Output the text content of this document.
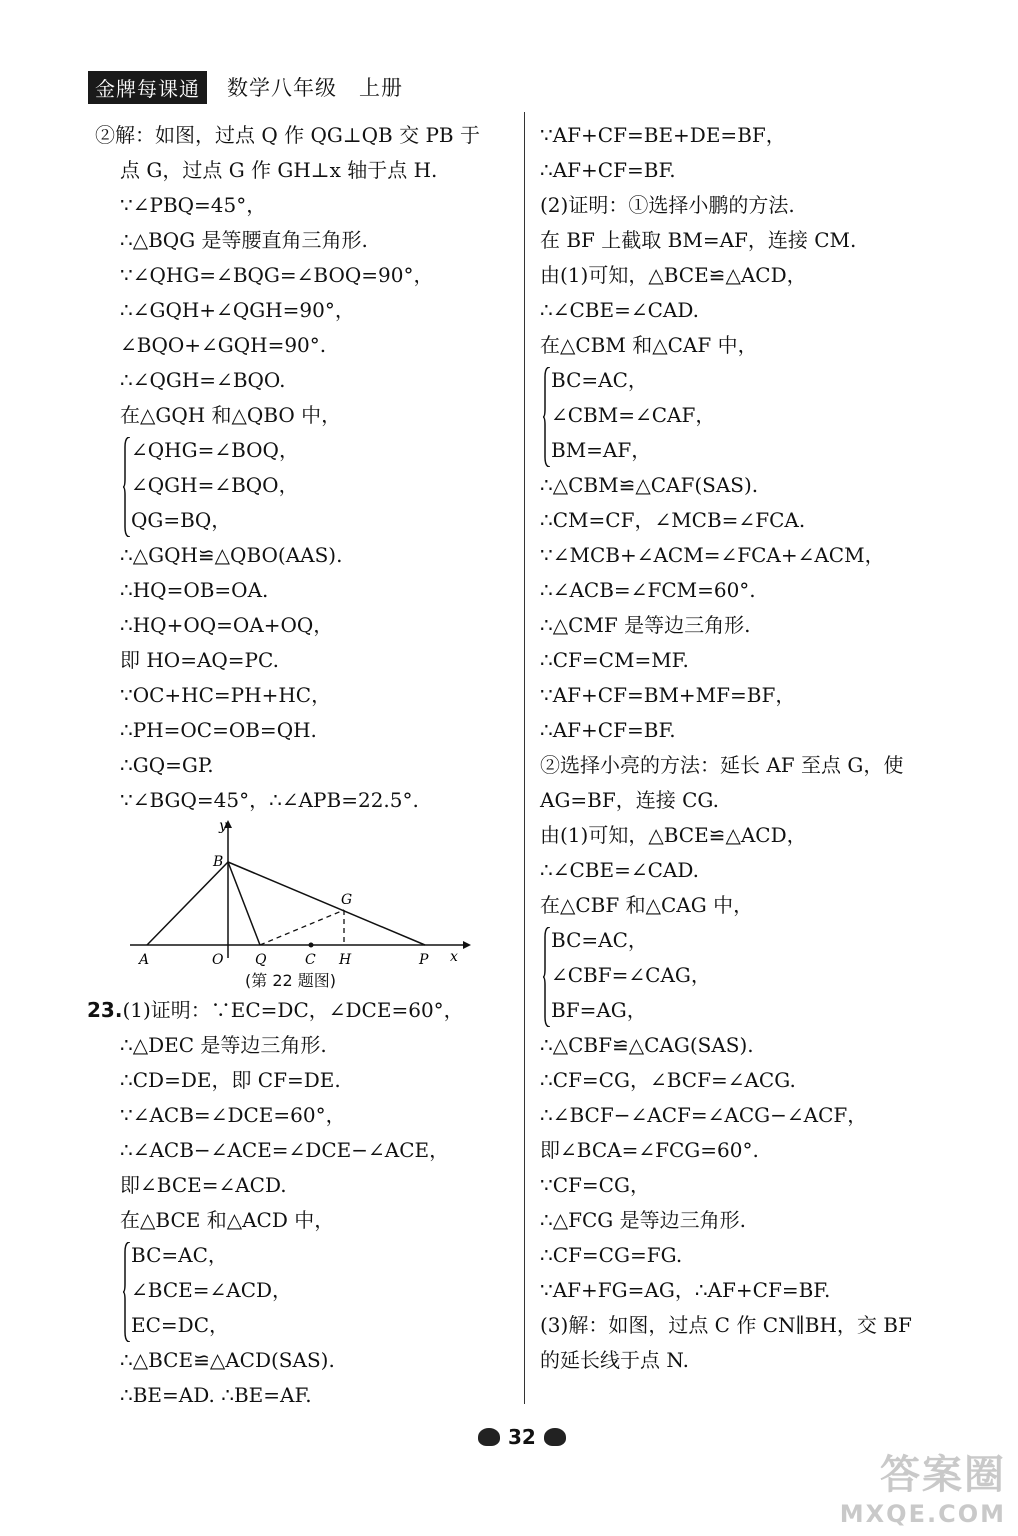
金牌每课通	数学八年级　上册
②解：如图，过点 Q 作 QG⊥QB 交 PB 于
点 G，过点 G 作 GH⊥x 轴于点 H.
∵∠PBQ=45°，
∴△BQG 是等腰直角三角形.
∵∠QHG=∠BQG=∠BOQ=90°，
∴∠GQH+∠QGH=90°，
∠BQO+∠GQH=90°.
∴∠QGH=∠BQO.
在△GQH 和△QBO 中，
∠QHG=∠BOQ，
∠QGH=∠BQO，
QG=BQ，
∴△GQH≌△QBO(AAS).
∴HQ=OB=OA.
∴HQ+OQ=OA+OQ，
即 HO=AQ=PC.
∵OC+HC=PH+HC，
∴PH=OC=OB=QH.
∴GQ=GP.
∵∠BGQ=45°，∴∠APB=22.5°.
y
x
B
G
A	O Q	C H	P
(第 22 题图)
23.(1)证明：∵EC=DC，∠DCE=60°，
∴△DEC 是等边三角形.
∴CD=DE，即 CF=DE.
∵∠ACB=∠DCE=60°，
∴∠ACB−∠ACE=∠DCE−∠ACE，
即∠BCE=∠ACD.
在△BCE 和△ACD 中，
BC=AC，
∠BCE=∠ACD，
EC=DC，
∴△BCE≌△ACD(SAS).
∴BE=AD. ∴BE=AF.
∵AF+CF=BE+DE=BF，
∴AF+CF=BF.
(2)证明：①选择小鹏的方法.
在 BF 上截取 BM=AF，连接 CM.
由(1)可知，△BCE≌△ACD，
∴∠CBE=∠CAD.
在△CBM 和△CAF 中，
BC=AC，
∠CBM=∠CAF，
BM=AF，
∴△CBM≌△CAF(SAS).
∴CM=CF，∠MCB=∠FCA.
∵∠MCB+∠ACM=∠FCA+∠ACM，
∴∠ACB=∠FCM=60°.
∴△CMF 是等边三角形.
∴CF=CM=MF.
∵AF+CF=BM+MF=BF，
∴AF+CF=BF.
②选择小亮的方法：延长 AF 至点 G，使
AG=BF，连接 CG.
由(1)可知，△BCE≌△ACD，
∴∠CBE=∠CAD.
在△CBF 和△CAG 中，
BC=AC，
∠CBF=∠CAG，
BF=AG，
∴△CBF≌△CAG(SAS).
∴CF=CG，∠BCF=∠ACG.
∴∠BCF−∠ACF=∠ACG−∠ACF，
即∠BCA=∠FCG=60°.
∵CF=CG，
∴△FCG 是等边三角形.
∴CF=CG=FG.
∵AF+FG=AG，∴AF+CF=BF.
(3)解：如图，过点 C 作 CN∥BH，交 BF
的延长线于点 N.
32
答案圈
MXQE.COM
